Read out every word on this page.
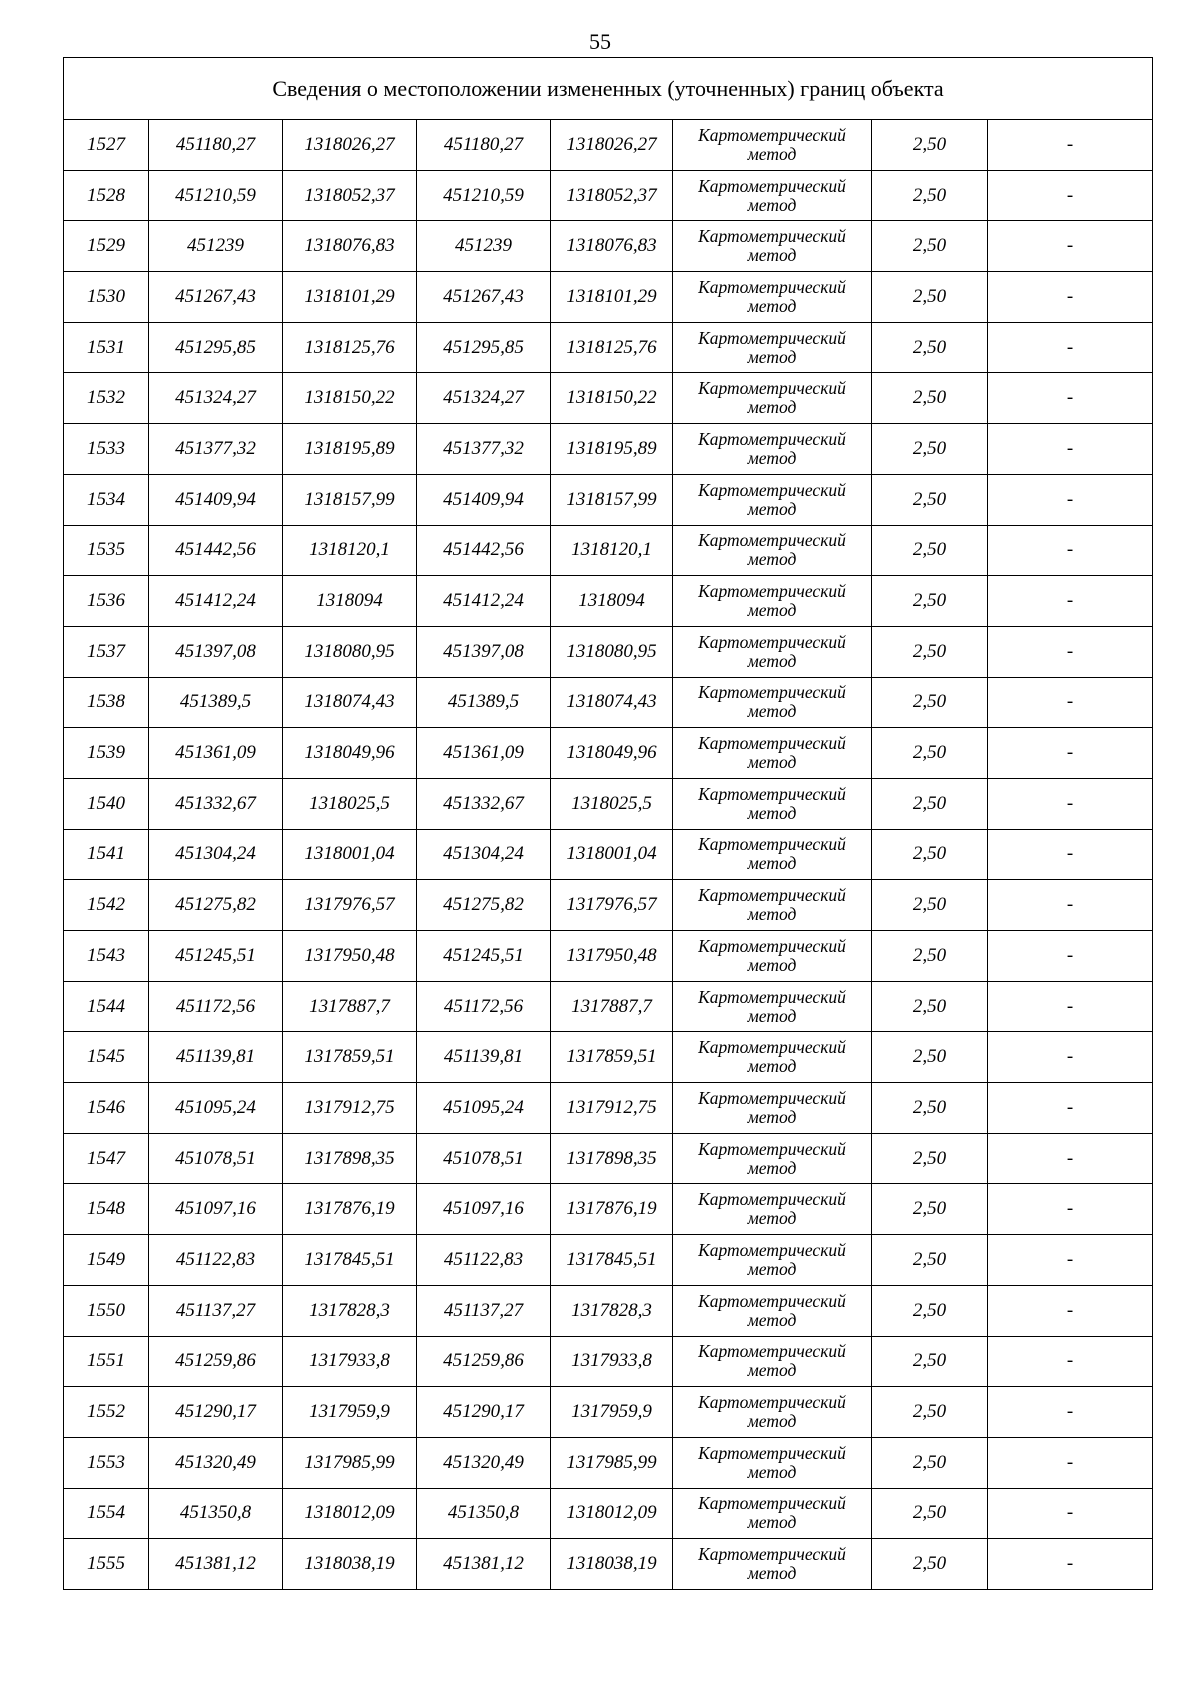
55
Сведения о местоположении измененных (уточненных) границ объекта							
1527	451180,27	1318026,27	451180,27	1318026,27	Картометрический метод	2,50	-
1528	451210,59	1318052,37	451210,59	1318052,37	Картометрический метод	2,50	-
1529	451239	1318076,83	451239	1318076,83	Картометрический метод	2,50	-
1530	451267,43	1318101,29	451267,43	1318101,29	Картометрический метод	2,50	-
1531	451295,85	1318125,76	451295,85	1318125,76	Картометрический метод	2,50	-
1532	451324,27	1318150,22	451324,27	1318150,22	Картометрический метод	2,50	-
1533	451377,32	1318195,89	451377,32	1318195,89	Картометрический метод	2,50	-
1534	451409,94	1318157,99	451409,94	1318157,99	Картометрический метод	2,50	-
1535	451442,56	1318120,1	451442,56	1318120,1	Картометрический метод	2,50	-
1536	451412,24	1318094	451412,24	1318094	Картометрический метод	2,50	-
1537	451397,08	1318080,95	451397,08	1318080,95	Картометрический метод	2,50	-
1538	451389,5	1318074,43	451389,5	1318074,43	Картометрический метод	2,50	-
1539	451361,09	1318049,96	451361,09	1318049,96	Картометрический метод	2,50	-
1540	451332,67	1318025,5	451332,67	1318025,5	Картометрический метод	2,50	-
1541	451304,24	1318001,04	451304,24	1318001,04	Картометрический метод	2,50	-
1542	451275,82	1317976,57	451275,82	1317976,57	Картометрический метод	2,50	-
1543	451245,51	1317950,48	451245,51	1317950,48	Картометрический метод	2,50	-
1544	451172,56	1317887,7	451172,56	1317887,7	Картометрический метод	2,50	-
1545	451139,81	1317859,51	451139,81	1317859,51	Картометрический метод	2,50	-
1546	451095,24	1317912,75	451095,24	1317912,75	Картометрический метод	2,50	-
1547	451078,51	1317898,35	451078,51	1317898,35	Картометрический метод	2,50	-
1548	451097,16	1317876,19	451097,16	1317876,19	Картометрический метод	2,50	-
1549	451122,83	1317845,51	451122,83	1317845,51	Картометрический метод	2,50	-
1550	451137,27	1317828,3	451137,27	1317828,3	Картометрический метод	2,50	-
1551	451259,86	1317933,8	451259,86	1317933,8	Картометрический метод	2,50	-
1552	451290,17	1317959,9	451290,17	1317959,9	Картометрический метод	2,50	-
1553	451320,49	1317985,99	451320,49	1317985,99	Картометрический метод	2,50	-
1554	451350,8	1318012,09	451350,8	1318012,09	Картометрический метод	2,50	-
1555	451381,12	1318038,19	451381,12	1318038,19	Картометрический метод	2,50	-
